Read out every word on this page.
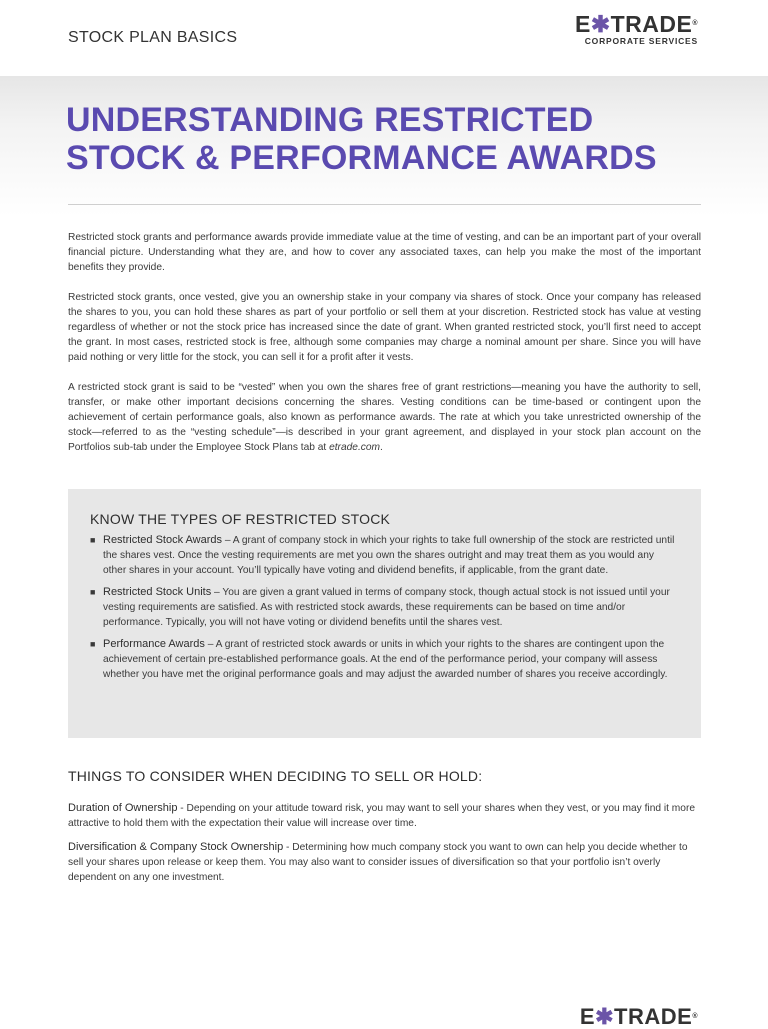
STOCK PLAN BASICS
E✱TRADE®
CORPORATE SERVICES
UNDERSTANDING RESTRICTED
STOCK & PERFORMANCE AWARDS

Restricted stock grants and performance awards provide immediate value at the time of vesting, and can be an important part of your overall financial picture. Understanding what they are, and how to cover any associated taxes, can help you make the most of the important benefits they provide.

Restricted stock grants, once vested, give you an ownership stake in your company via shares of stock. Once your company has released the shares to you, you can hold these shares as part of your portfolio or sell them at your discretion. Restricted stock has value at vesting regardless of whether or not the stock price has increased since the date of grant. When granted restricted stock, you’ll first need to accept the grant. In most cases, restricted stock is free, although some companies may charge a nominal amount per share. Since you will have paid nothing or very little for the stock, you can sell it for a profit after it vests.

A restricted stock grant is said to be “vested” when you own the shares free of grant restrictions—meaning you have the authority to sell, transfer, or make other important decisions concerning the shares. Vesting conditions can be time-based or contingent upon the achievement of certain performance goals, also known as performance awards. The rate at which you take unrestricted ownership of the stock—referred to as the “vesting schedule”—is described in your grant agreement, and displayed in your stock plan account on the Portfolios sub-tab under the Employee Stock Plans tab at etrade.com.

KNOW THE TYPES OF RESTRICTED STOCK
■ Restricted Stock Awards – A grant of company stock in which your rights to take full ownership of the stock are restricted until the shares vest. Once the vesting requirements are met you own the shares outright and may treat them as you would any other shares in your account. You’ll typically have voting and dividend benefits, if applicable, from the grant date.
■ Restricted Stock Units – You are given a grant valued in terms of company stock, though actual stock is not issued until your vesting requirements are satisfied. As with restricted stock awards, these requirements can be based on time and/or performance. Typically, you will not have voting or dividend benefits until the shares vest.
■ Performance Awards – A grant of restricted stock awards or units in which your rights to the shares are contingent upon the achievement of certain pre-established performance goals. At the end of the performance period, your company will assess whether you have met the original performance goals and may adjust the awarded number of shares you receive accordingly.
THINGS TO CONSIDER WHEN DECIDING TO SELL OR HOLD:

Duration of Ownership - Depending on your attitude toward risk, you may want to sell your shares when they vest, or you may find it more attractive to hold them with the expectation their value will increase over time.

Diversification & Company Stock Ownership - Determining how much company stock you want to own can help you decide whether to sell your shares upon release or keep them. You may also want to consider issues of diversification so that your portfolio isn’t overly dependent on any one investment.

E✱TRADE®
